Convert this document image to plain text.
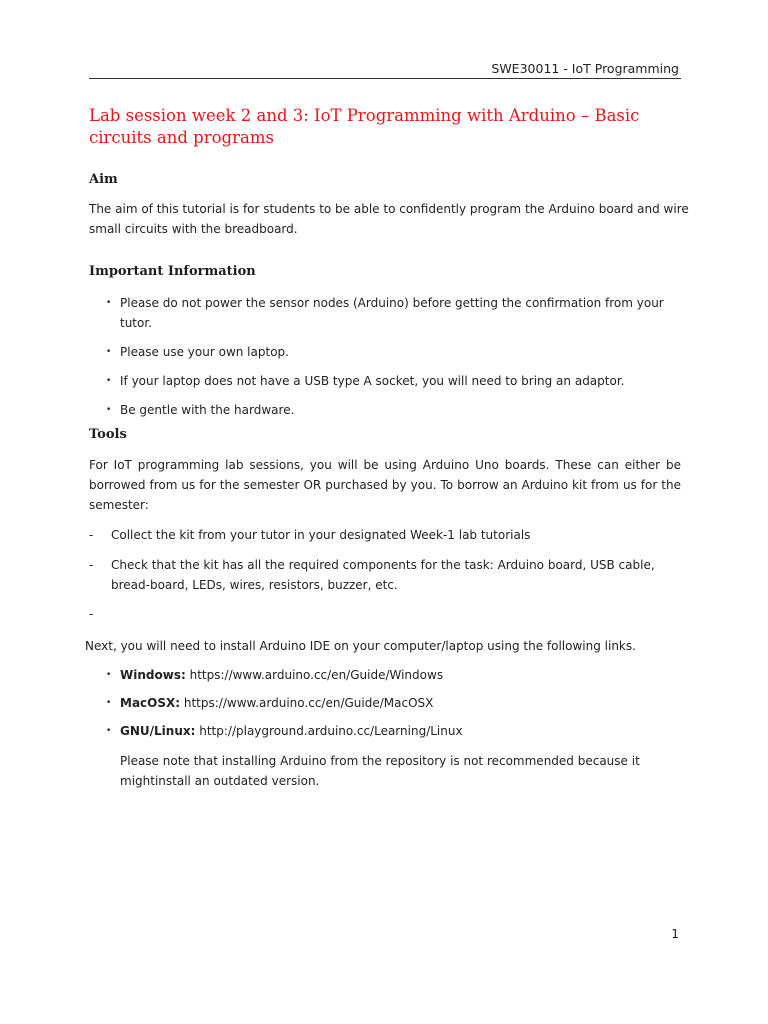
SWE30011 - IoT Programming
Lab session week 2 and 3: IoT Programming with Arduino – Basic circuits and programs
Aim

The aim of this tutorial is for students to be able to confidently program the Arduino board and wire small circuits with the breadboard.

Important Information
• Please do not power the sensor nodes (Arduino) before getting the confirmation from your tutor.
• Please use your own laptop.
• If your laptop does not have a USB type A socket, you will need to bring an adaptor.
• Be gentle with the hardware.
Tools

For IoT programming lab sessions, you will be using Arduino Uno boards. These can either be borrowed from us for the semester OR purchased by you. To borrow an Arduino kit from us for the semester:

- Collect the kit from your tutor in your designated Week-1 lab tutorials
- Check that the kit has all the required components for the task: Arduino board, USB cable, bread-board, LEDs, wires, resistors, buzzer, etc.
-

Next, you will need to install Arduino IDE on your computer/laptop using the following links.

• Windows: https://www.arduino.cc/en/Guide/Windows
• MacOSX: https://www.arduino.cc/en/Guide/MacOSX
• GNU/Linux: http://playground.arduino.cc/Learning/Linux

Please note that installing Arduino from the repository is not recommended because it mightinstall an outdated version.

1
